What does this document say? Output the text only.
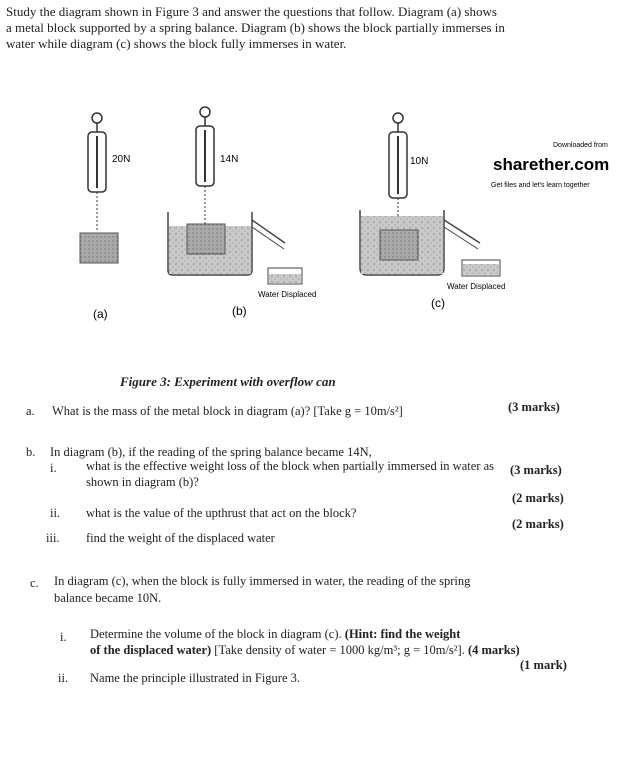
Study the diagram shown in Figure 3 and answer the questions that follow. Diagram (a) shows

a metal block supported by a spring balance. Diagram (b) shows the block partially immerses in

water while diagram (c) shows the block fully immerses in water.

20N	14N	10N
Water Displaced
Water Displaced
(a)	(b)
(c)
Downloaded from
sharether.com
Get files and let's learn together
Figure 3: Experiment with overflow can
a. What is the mass of the metal block in diagram (a)? [Take g = 10m/s²]	(3 marks)
b. In diagram (b), if the reading of the spring balance became 14N,
i. what is the effective weight loss of the block when partially immersed in water as
shown in diagram (b)?
(3 marks)
ii. what is the value of the upthrust that act on the block?
(2 marks)
iii. find the weight of the displaced water
(2 marks)
c. In diagram (c), when the block is fully immersed in water, the reading of the spring
balance became 10N.
i. Determine the volume of the block in diagram (c). (Hint: find the weight
of the displaced water) [Take density of water = 1000 kg/m³; g = 10m/s²]. (4 marks)
ii. Name the principle illustrated in Figure 3.
(1 mark)
